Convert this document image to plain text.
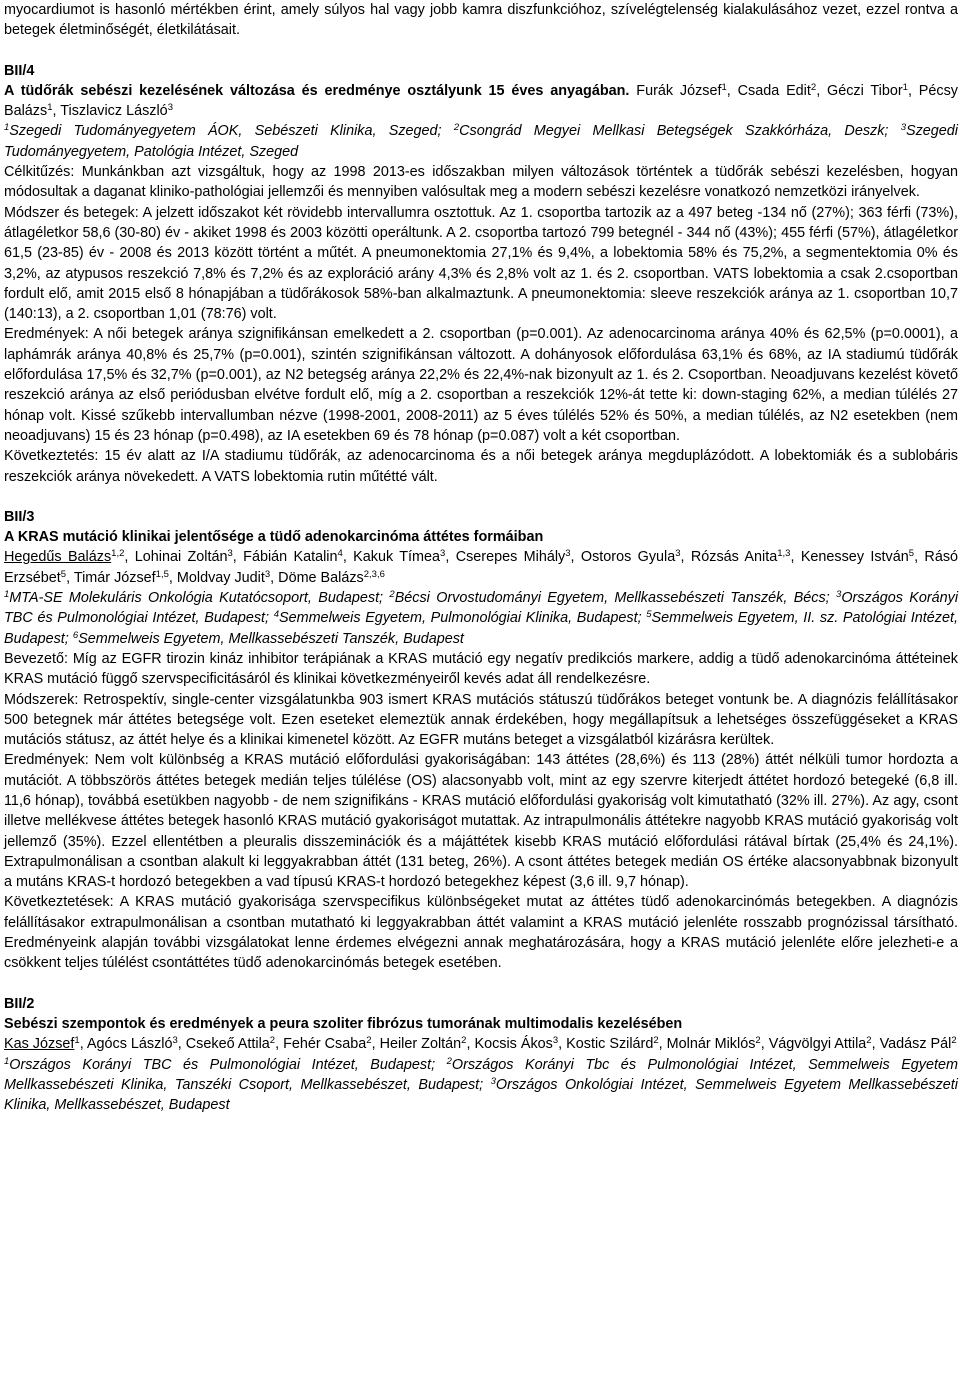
myocardiumot is hasonló mértékben érint, amely súlyos hal vagy jobb kamra diszfunkcióhoz, szívelégtelenség kialakulásához vezet, ezzel rontva a betegek életminőségét, életkilátásait.

BII/4

A tüdőrák sebészi kezelésének változása és eredménye osztályunk 15 éves anyagában. Furák József$^1$, Csada Edit$^2$, Géczi Tibor$^1$, Pécsy Balázs$^1$, Tiszlavicz László$^3$

$^1$Szegedi Tudományegyetem ÁOK, Sebészeti Klinika, Szeged; $^2$Csongrád Megyei Mellkasi Betegségek Szakkórháza, Deszk; $^3$Szegedi Tudományegyetem, Patológia Intézet, Szeged

Célkitűzés: Munkánkban azt vizsgáltuk, hogy az 1998 2013-es időszakban milyen változások történtek a tüdőrák sebészi kezelésben, hogyan módosultak a daganat kliniko-pathológiai jellemzői és mennyiben valósultak meg a modern sebészi kezelésre vonatkozó nemzetközi irányelvek.

Módszer és betegek: A jelzett időszakot két rövidebb intervallumra osztottuk. Az 1. csoportba tartozik az a 497 beteg -134 nő (27%); 363 férfi (73%), átlagéletkor 58,6 (30-80) év - akiket 1998 és 2003 közötti operáltunk. A 2. csoportba tartozó 799 betegnél - 344 nő (43%); 455 férfi (57%), átlagéletkor 61,5 (23-85) év - 2008 és 2013 között történt a műtét. A pneumonektomia 27,1% és 9,4%, a lobektomia 58% és 75,2%, a segmentektomia 0% és 3,2%, az atypusos reszekció 7,8% és 7,2% és az exploráció arány 4,3% és 2,8% volt az 1. és 2. csoportban. VATS lobektomia a csak 2.csoportban fordult elő, amit 2015 első 8 hónapjában a tüdőrákosok 58%-ban alkalmaztunk. A pneumonektomia: sleeve reszekciók aránya az 1. csoportban 10,7 (140:13), a 2. csoportban 1,01 (78:76) volt.

Eredmények: A női betegek aránya szignifikánsan emelkedett a 2. csoportban (p=0.001). Az adenocarcinoma aránya 40% és 62,5% (p=0.0001), a laphámrák aránya 40,8% és 25,7% (p=0.001), szintén szignifikánsan változott. A dohányosok előfordulása 63,1% és 68%, az IA stadiumú tüdőrák előfordulása 17,5% és 32,7% (p=0.001), az N2 betegség aránya 22,2% és 22,4%-nak bizonyult az 1. és 2. Csoportban. Neoadjuvans kezelést követő reszekció aránya az első periódusban elvétve fordult elő, míg a 2. csoportban a reszekciók 12%-át tette ki: down-staging 62%, a median túlélés 27 hónap volt. Kissé szűkebb intervallumban nézve (1998-2001, 2008-2011) az 5 éves túlélés 52% és 50%, a median túlélés, az N2 esetekben (nem neoadjuvans) 15 és 23 hónap (p=0.498), az IA esetekben 69 és 78 hónap (p=0.087) volt a két csoportban.

Következtetés: 15 év alatt az I/A stadiumu tüdőrák, az adenocarcinoma és a női betegek aránya megduplázódott. A lobektomiák és a sublobáris reszekciók aránya növekedett. A VATS lobektomia rutin műtétté vált.

BII/3

A KRAS mutáció klinikai jelentősége a tüdő adenokarcinóma áttétes formáiban

Hegedűs Balázs$^{1,2}$, Lohinai Zoltán$^3$, Fábián Katalin$^4$, Kakuk Tímea$^3$, Cserepes Mihály$^3$, Ostoros Gyula$^3$, Rózsás Anita$^{1,3}$, Kenessey István$^5$, Rásó Erzsébet$^5$, Timár József$^{1,5}$, Moldvay Judit$^3$, Döme Balázs$^{2,3,6}$

$^1$MTA-SE Molekuláris Onkológia Kutatócsoport, Budapest; $^2$Bécsi Orvostudományi Egyetem, Mellkassebészeti Tanszék, Bécs; $^3$Országos Korányi TBC és Pulmonológiai Intézet, Budapest; $^4$Semmelweis Egyetem, Pulmonológiai Klinika, Budapest; $^5$Semmelweis Egyetem, II. sz. Patológiai Intézet, Budapest; $^6$Semmelweis Egyetem, Mellkassebészeti Tanszék, Budapest

Bevezető: Míg az EGFR tirozin kináz inhibitor terápiának a KRAS mutáció egy negatív predikciós markere, addig a tüdő adenokarcinóma áttéteinek KRAS mutáció függő szervspecificitásáról és klinikai következményeiről kevés adat áll rendelkezésre.

Módszerek: Retrospektív, single-center vizsgálatunkba 903 ismert KRAS mutációs státuszú tüdőrákos beteget vontunk be. A diagnózis felállításakor 500 betegnek már áttétes betegsége volt. Ezen eseteket elemeztük annak érdekében, hogy megállapítsuk a lehetséges összefüggéseket a KRAS mutációs státusz, az áttét helye és a klinikai kimenetel között. Az EGFR mutáns beteget a vizsgálatból kizárásra kerültek.

Eredmények: Nem volt különbség a KRAS mutáció előfordulási gyakoriságában: 143 áttétes (28,6%) és 113 (28%) áttét nélküli tumor hordozta a mutációt. A többszörös áttétes betegek medián teljes túlélése (OS) alacsonyabb volt, mint az egy szervre kiterjedt áttétet hordozó betegeké (6,8 ill. 11,6 hónap), továbbá esetükben nagyobb - de nem szignifikáns - KRAS mutáció előfordulási gyakoriság volt kimutatható (32% ill. 27%). Az agy, csont illetve mellékvese áttétes betegek hasonló KRAS mutáció gyakoriságot mutattak. Az intrapulmonális áttétekre nagyobb KRAS mutáció gyakoriság volt jellemző (35%). Ezzel ellentétben a pleuralis disszeminációk és a májáttétek kisebb KRAS mutáció előfordulási rátával bírtak (25,4% és 24,1%). Extrapulmonálisan a csontban alakult ki leggyakrabban áttét (131 beteg, 26%). A csont áttétes betegek medián OS értéke alacsonyabbnak bizonyult a mutáns KRAS-t hordozó betegekben a vad típusú KRAS-t hordozó betegekhez képest (3,6 ill. 9,7 hónap).

Következtetések: A KRAS mutáció gyakorisága szervspecifikus különbségeket mutat az áttétes tüdő adenokarcinómás betegekben. A diagnózis felállításakor extrapulmonálisan a csontban mutatható ki leggyakrabban áttét valamint a KRAS mutáció jelenléte rosszabb prognózissal társítható. Eredményeink alapján további vizsgálatokat lenne érdemes elvégezni annak meghatározására, hogy a KRAS mutáció jelenléte előre jelezheti-e a csökkent teljes túlélést csontáttétes tüdő adenokarcinómás betegek esetében.

BII/2

Sebészi szempontok és eredmények a peura szoliter fibrózus tumorának multimodalis kezelésében

Kas József$^1$, Agócs László$^3$, Csekeő Attila$^2$, Fehér Csaba$^2$, Heiler Zoltán$^2$, Kocsis Ákos$^3$, Kostic Szilárd$^2$, Molnár Miklós$^2$, Vágvölgyi Attila$^2$, Vadász Pál$^2$

$^1$Országos Korányi TBC és Pulmonológiai Intézet, Budapest; $^2$Országos Korányi Tbc és Pulmonológiai Intézet, Semmelweis Egyetem Mellkassebészeti Klinika, Tanszéki Csoport, Mellkassebészet, Budapest; $^3$Országos Onkológiai Intézet, Semmelweis Egyetem Mellkassebészeti Klinika, Mellkassebészet, Budapest
